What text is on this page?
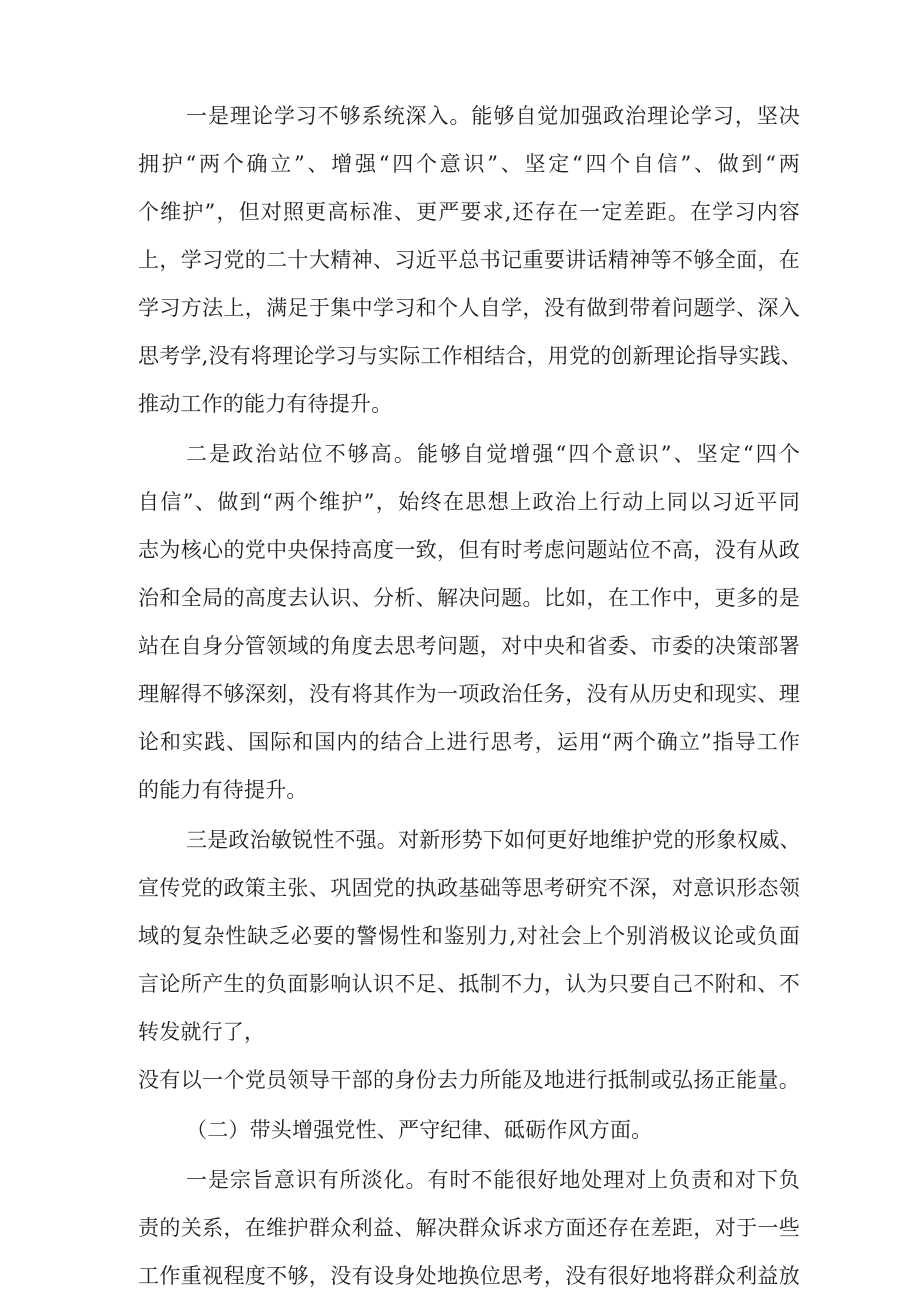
一是理论学习不够系统深入。能够自觉加强政治理论学习，坚决
拥护“两个确立”、增强“四个意识”、坚定“四个自信”、做到“两
个维护”，但对照更高标准、更严要求,还存在一定差距。在学习内容
上，学习党的二十大精神、习近平总书记重要讲话精神等不够全面，在
学习方法上，满足于集中学习和个人自学，没有做到带着问题学、深入
思考学,没有将理论学习与实际工作相结合，用党的创新理论指导实践、
推动工作的能力有待提升。
二是政治站位不够高。能够自觉增强“四个意识”、坚定“四个
自信”、做到“两个维护”，始终在思想上政治上行动上同以习近平同
志为核心的党中央保持高度一致，但有时考虑问题站位不高，没有从政
治和全局的高度去认识、分析、解决问题。比如，在工作中，更多的是
站在自身分管领域的角度去思考问题，对中央和省委、市委的决策部署
理解得不够深刻，没有将其作为一项政治任务，没有从历史和现实、理
论和实践、国际和国内的结合上进行思考，运用“两个确立”指导工作
的能力有待提升。
三是政治敏锐性不强。对新形势下如何更好地维护党的形象权威、
宣传党的政策主张、巩固党的执政基础等思考研究不深，对意识形态领
域的复杂性缺乏必要的警惕性和鉴别力,对社会上个别消极议论或负面
言论所产生的负面影响认识不足、抵制不力，认为只要自己不附和、不
转发就行了，
没有以一个党员领导干部的身份去力所能及地进行抵制或弘扬正能量。
（二）带头增强党性、严守纪律、砥砺作风方面。
一是宗旨意识有所淡化。有时不能很好地处理对上负责和对下负
责的关系，在维护群众利益、解决群众诉求方面还存在差距，对于一些
工作重视程度不够，没有设身处地换位思考，没有很好地将群众利益放
